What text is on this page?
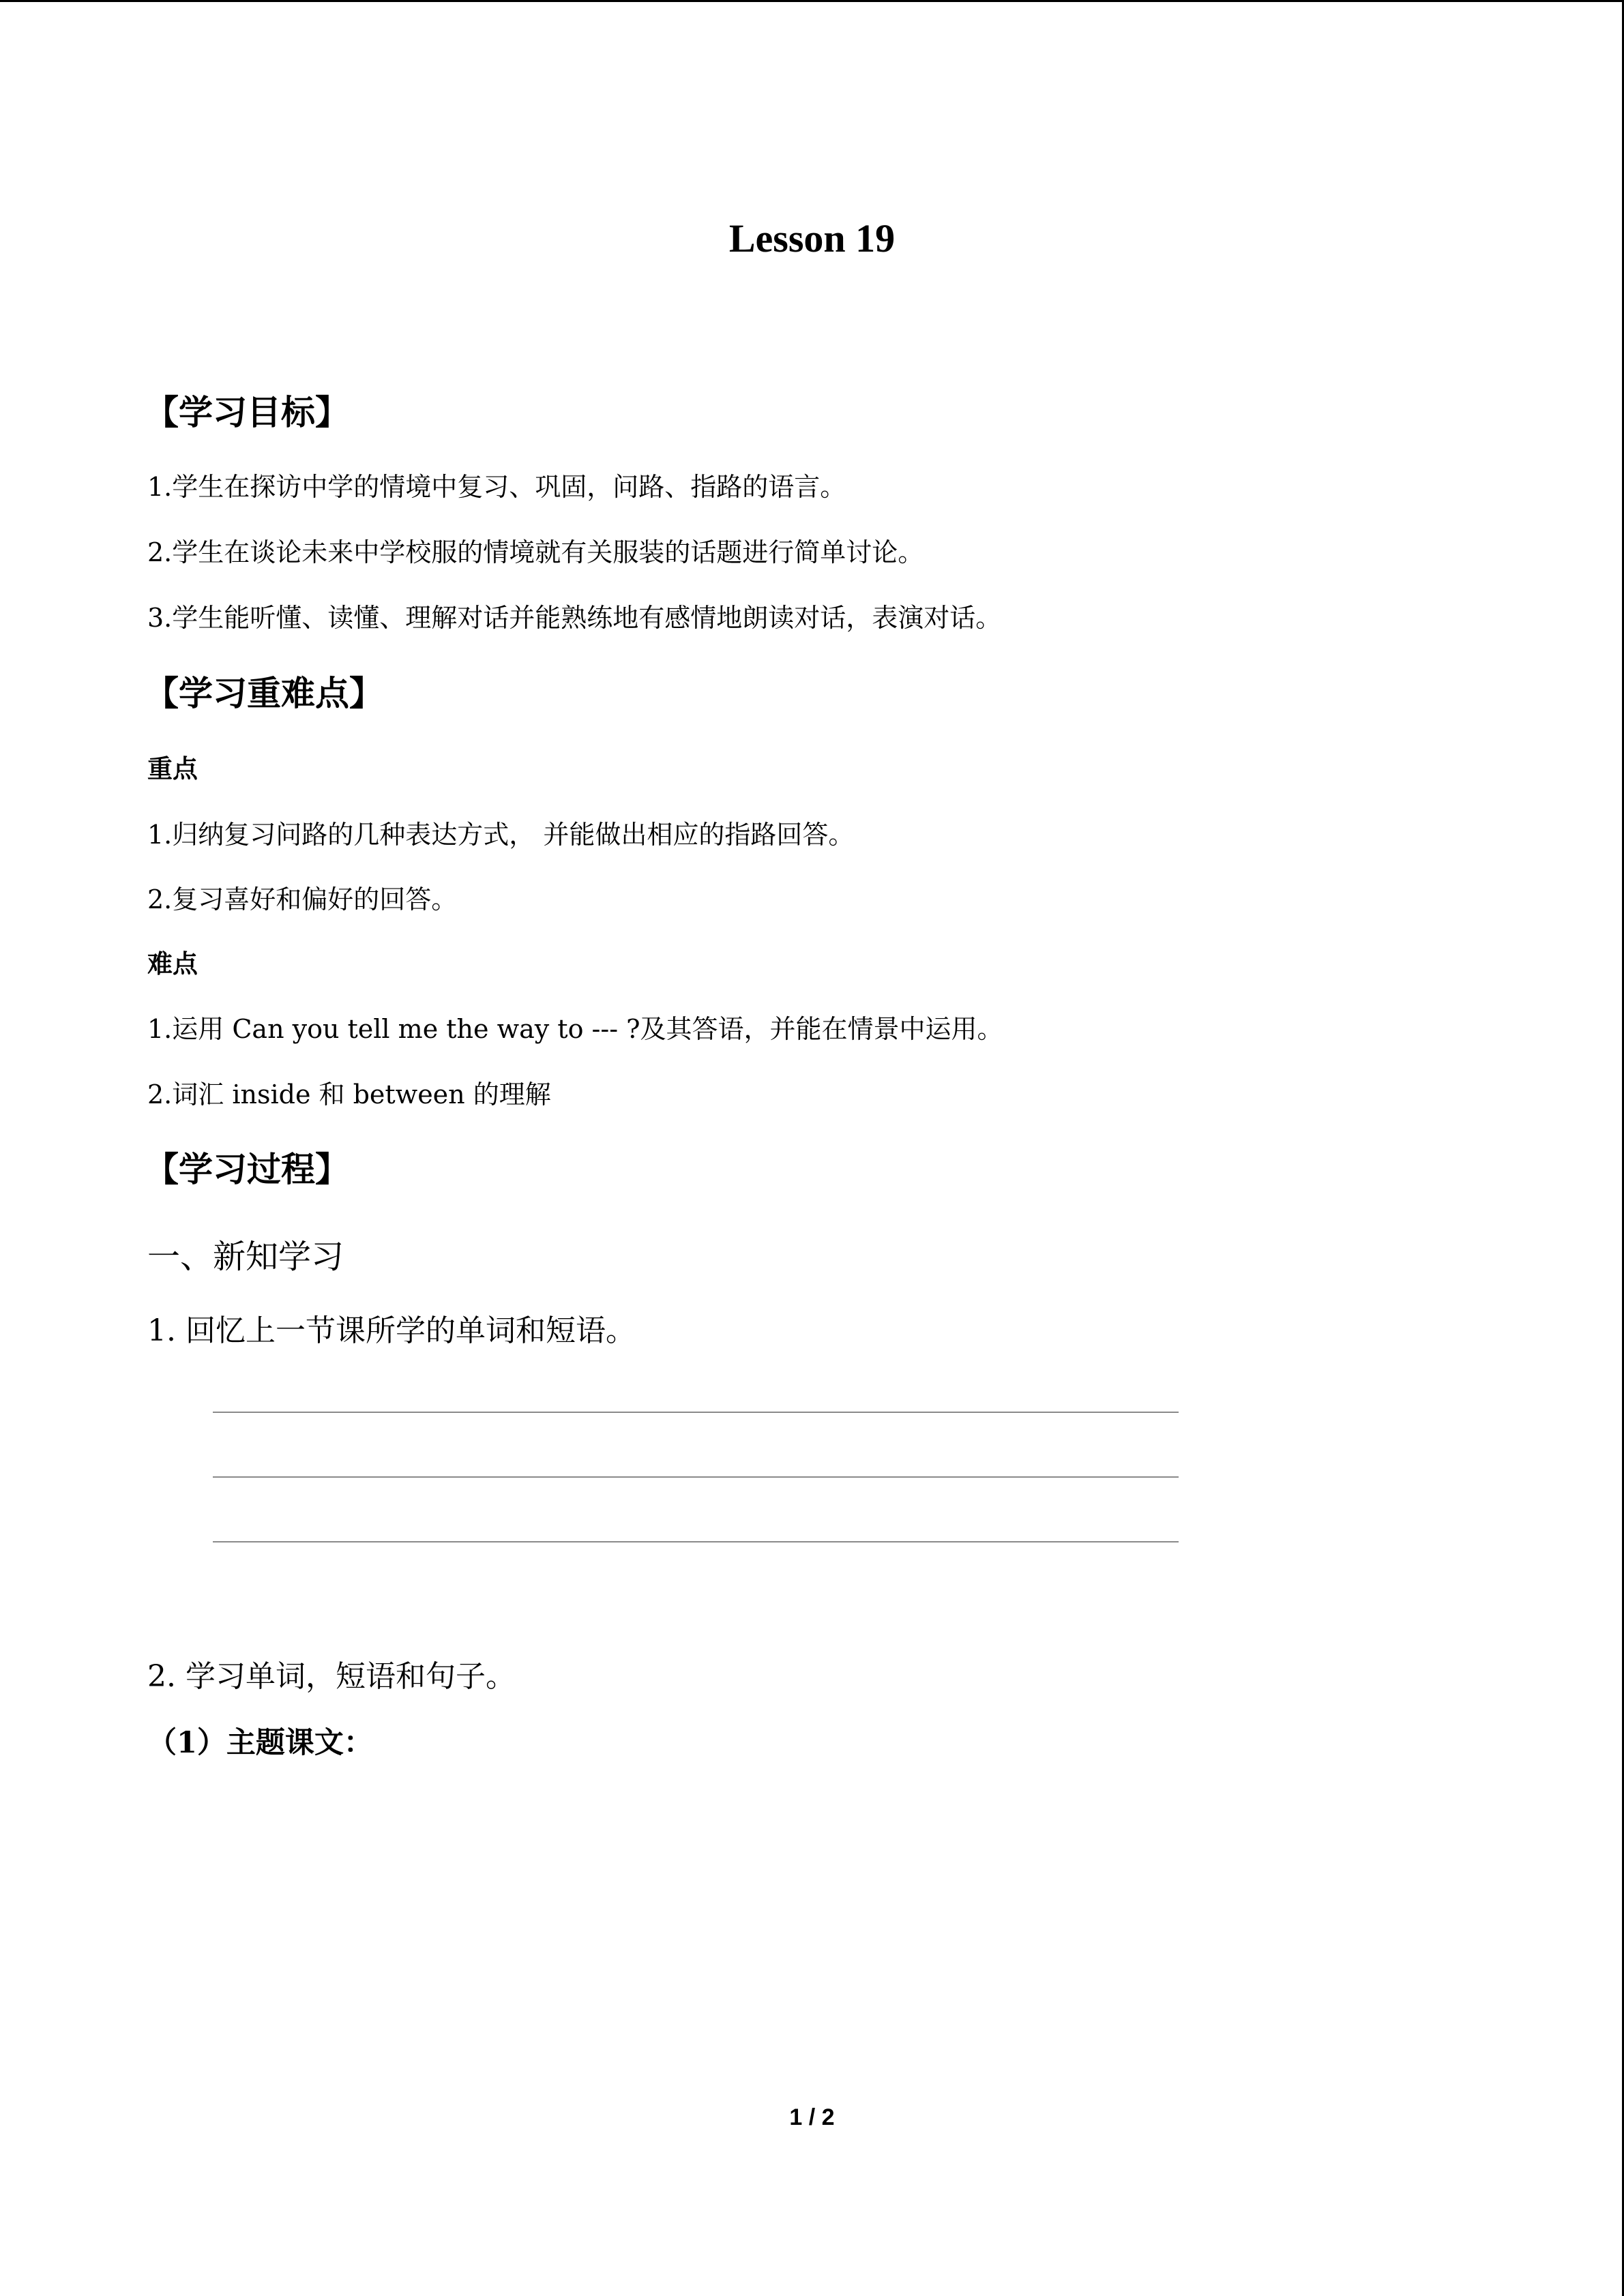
Lesson 19
【学习目标】
1.学生在探访中学的情境中复习、巩固，问路、指路的语言。
2.学生在谈论未来中学校服的情境就有关服装的话题进行简单讨论。
3.学生能听懂、读懂、理解对话并能熟练地有感情地朗读对话，表演对话。
【学习重难点】
重点
1.归纳复习问路的几种表达方式， 并能做出相应的指路回答。
2.复习喜好和偏好的回答。
难点
1.运用 Can you tell me the way to --- ?及其答语，并能在情景中运用。
2.词汇 inside 和 between 的理解
【学习过程】
一、新知学习
1. 回忆上一节课所学的单词和短语。
2. 学习单词，短语和句子。
（1）主题课文：
1 / 2
